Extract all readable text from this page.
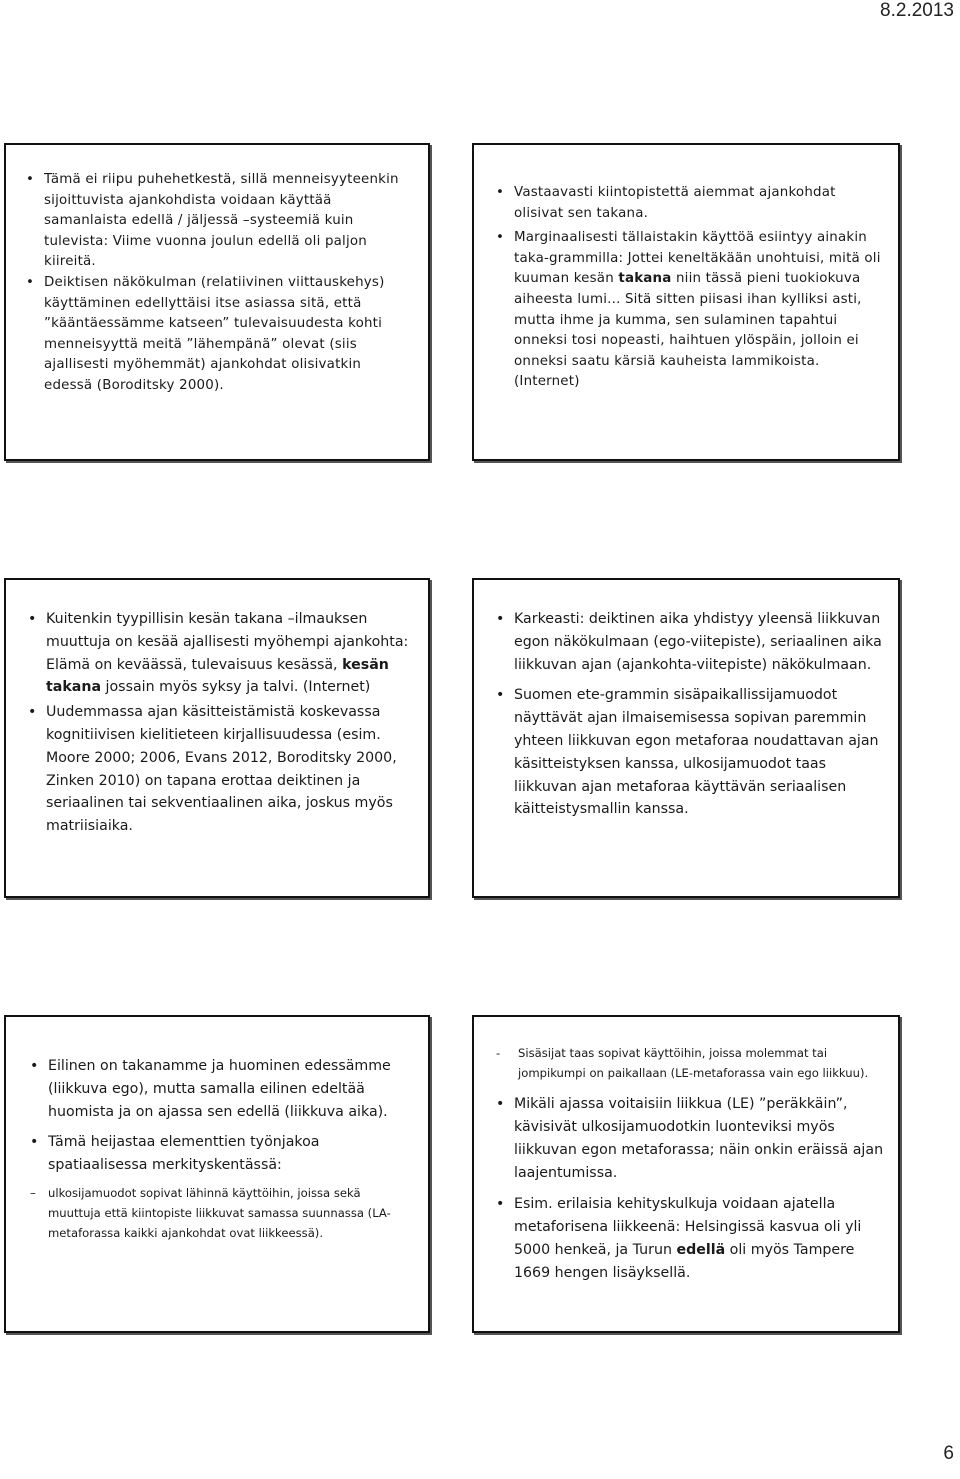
8.2.2013
• Tämä ei riipu puhehetkestä, sillä menneisyyteenkin sijoittuvista ajankohdista voidaan käyttää samanlaista edellä / jäljessä –systeemiä kuin tulevista: Viime vuonna joulun edellä oli paljon kiireitä.
• Deiktisen näkökulman (relatiivinen viittauskehys) käyttäminen edellyttäisi itse asiassa sitä, että ”kääntäessämme katseen” tulevaisuudesta kohti menneisyyttä meitä ”lähempänä” olevat (siis ajallisesti myöhemmät) ajankohdat olisivatkin edessä (Boroditsky 2000).
• Vastaavasti kiintopistettä aiemmat ajankohdat olisivat sen takana.
• Marginaalisesti tällaistakin käyttöä esiintyy ainakin taka-grammilla: Jottei keneltäkään unohtuisi, mitä oli kuuman kesän takana niin tässä pieni tuokiokuva aiheesta lumi... Sitä sitten piisasi ihan kylliksi asti, mutta ihme ja kumma, sen sulaminen tapahtui onneksi tosi nopeasti, haihtuen ylöspäin, jolloin ei onneksi saatu kärsiä kauheista lammikoista. (Internet)
• Kuitenkin tyypillisin kesän takana –ilmauksen muuttuja on kesää ajallisesti myöhempi ajankohta: Elämä on keväässä, tulevaisuus kesässä, kesän takana jossain myös syksy ja talvi. (Internet)
• Uudemmassa ajan käsitteistämistä koskevassa kognitiivisen kielitieteen kirjallisuudessa (esim. Moore 2000; 2006, Evans 2012, Boroditsky 2000, Zinken 2010) on tapana erottaa deiktinen ja seriaalinen tai sekventiaalinen aika, joskus myös matriisiaika.
• Karkeasti: deiktinen aika yhdistyy yleensä liikkuvan egon näkökulmaan (ego-viitepiste), seriaalinen aika liikkuvan ajan (ajankohta-viitepiste) näkökulmaan.
• Suomen ete-grammin sisäpaikallissijamuodot näyttävät ajan ilmaisemisessa sopivan paremmin yhteen liikkuvan egon metaforaa noudattavan ajan käsitteistyksen kanssa, ulkosijamuodot taas liikkuvan ajan metaforaa käyttävän seriaalisen käitteistysmallin kanssa.
• Eilinen on takanamme ja huominen edessämme (liikkuva ego), mutta samalla eilinen edeltää huomista ja on ajassa sen edellä (liikkuva aika).
• Tämä heijastaa elementtien työnjakoa spatiaalisessa merkityskentässä:
– ulkosijamuodot sopivat lähinnä käyttöihin, joissa sekä muuttuja että kiintopiste liikkuvat samassa suunnassa (LA-metaforassa kaikki ajankohdat ovat liikkeessä).
- Sisäsijat taas sopivat käyttöihin, joissa molemmat tai jompikumpi on paikallaan (LE-metaforassa vain ego liikkuu).
• Mikäli ajassa voitaisiin liikkua (LE) ”peräkkäin”, kävisivät ulkosijamuodotkin luonteviksi myös liikkuvan egon metaforassa; näin onkin eräissä ajan laajentumissa.
• Esim. erilaisia kehityskulkuja voidaan ajatella metaforisena liikkeenä: Helsingissä kasvua oli yli 5000 henkeä, ja Turun edellä oli myös Tampere 1669 hengen lisäyksellä.
6
